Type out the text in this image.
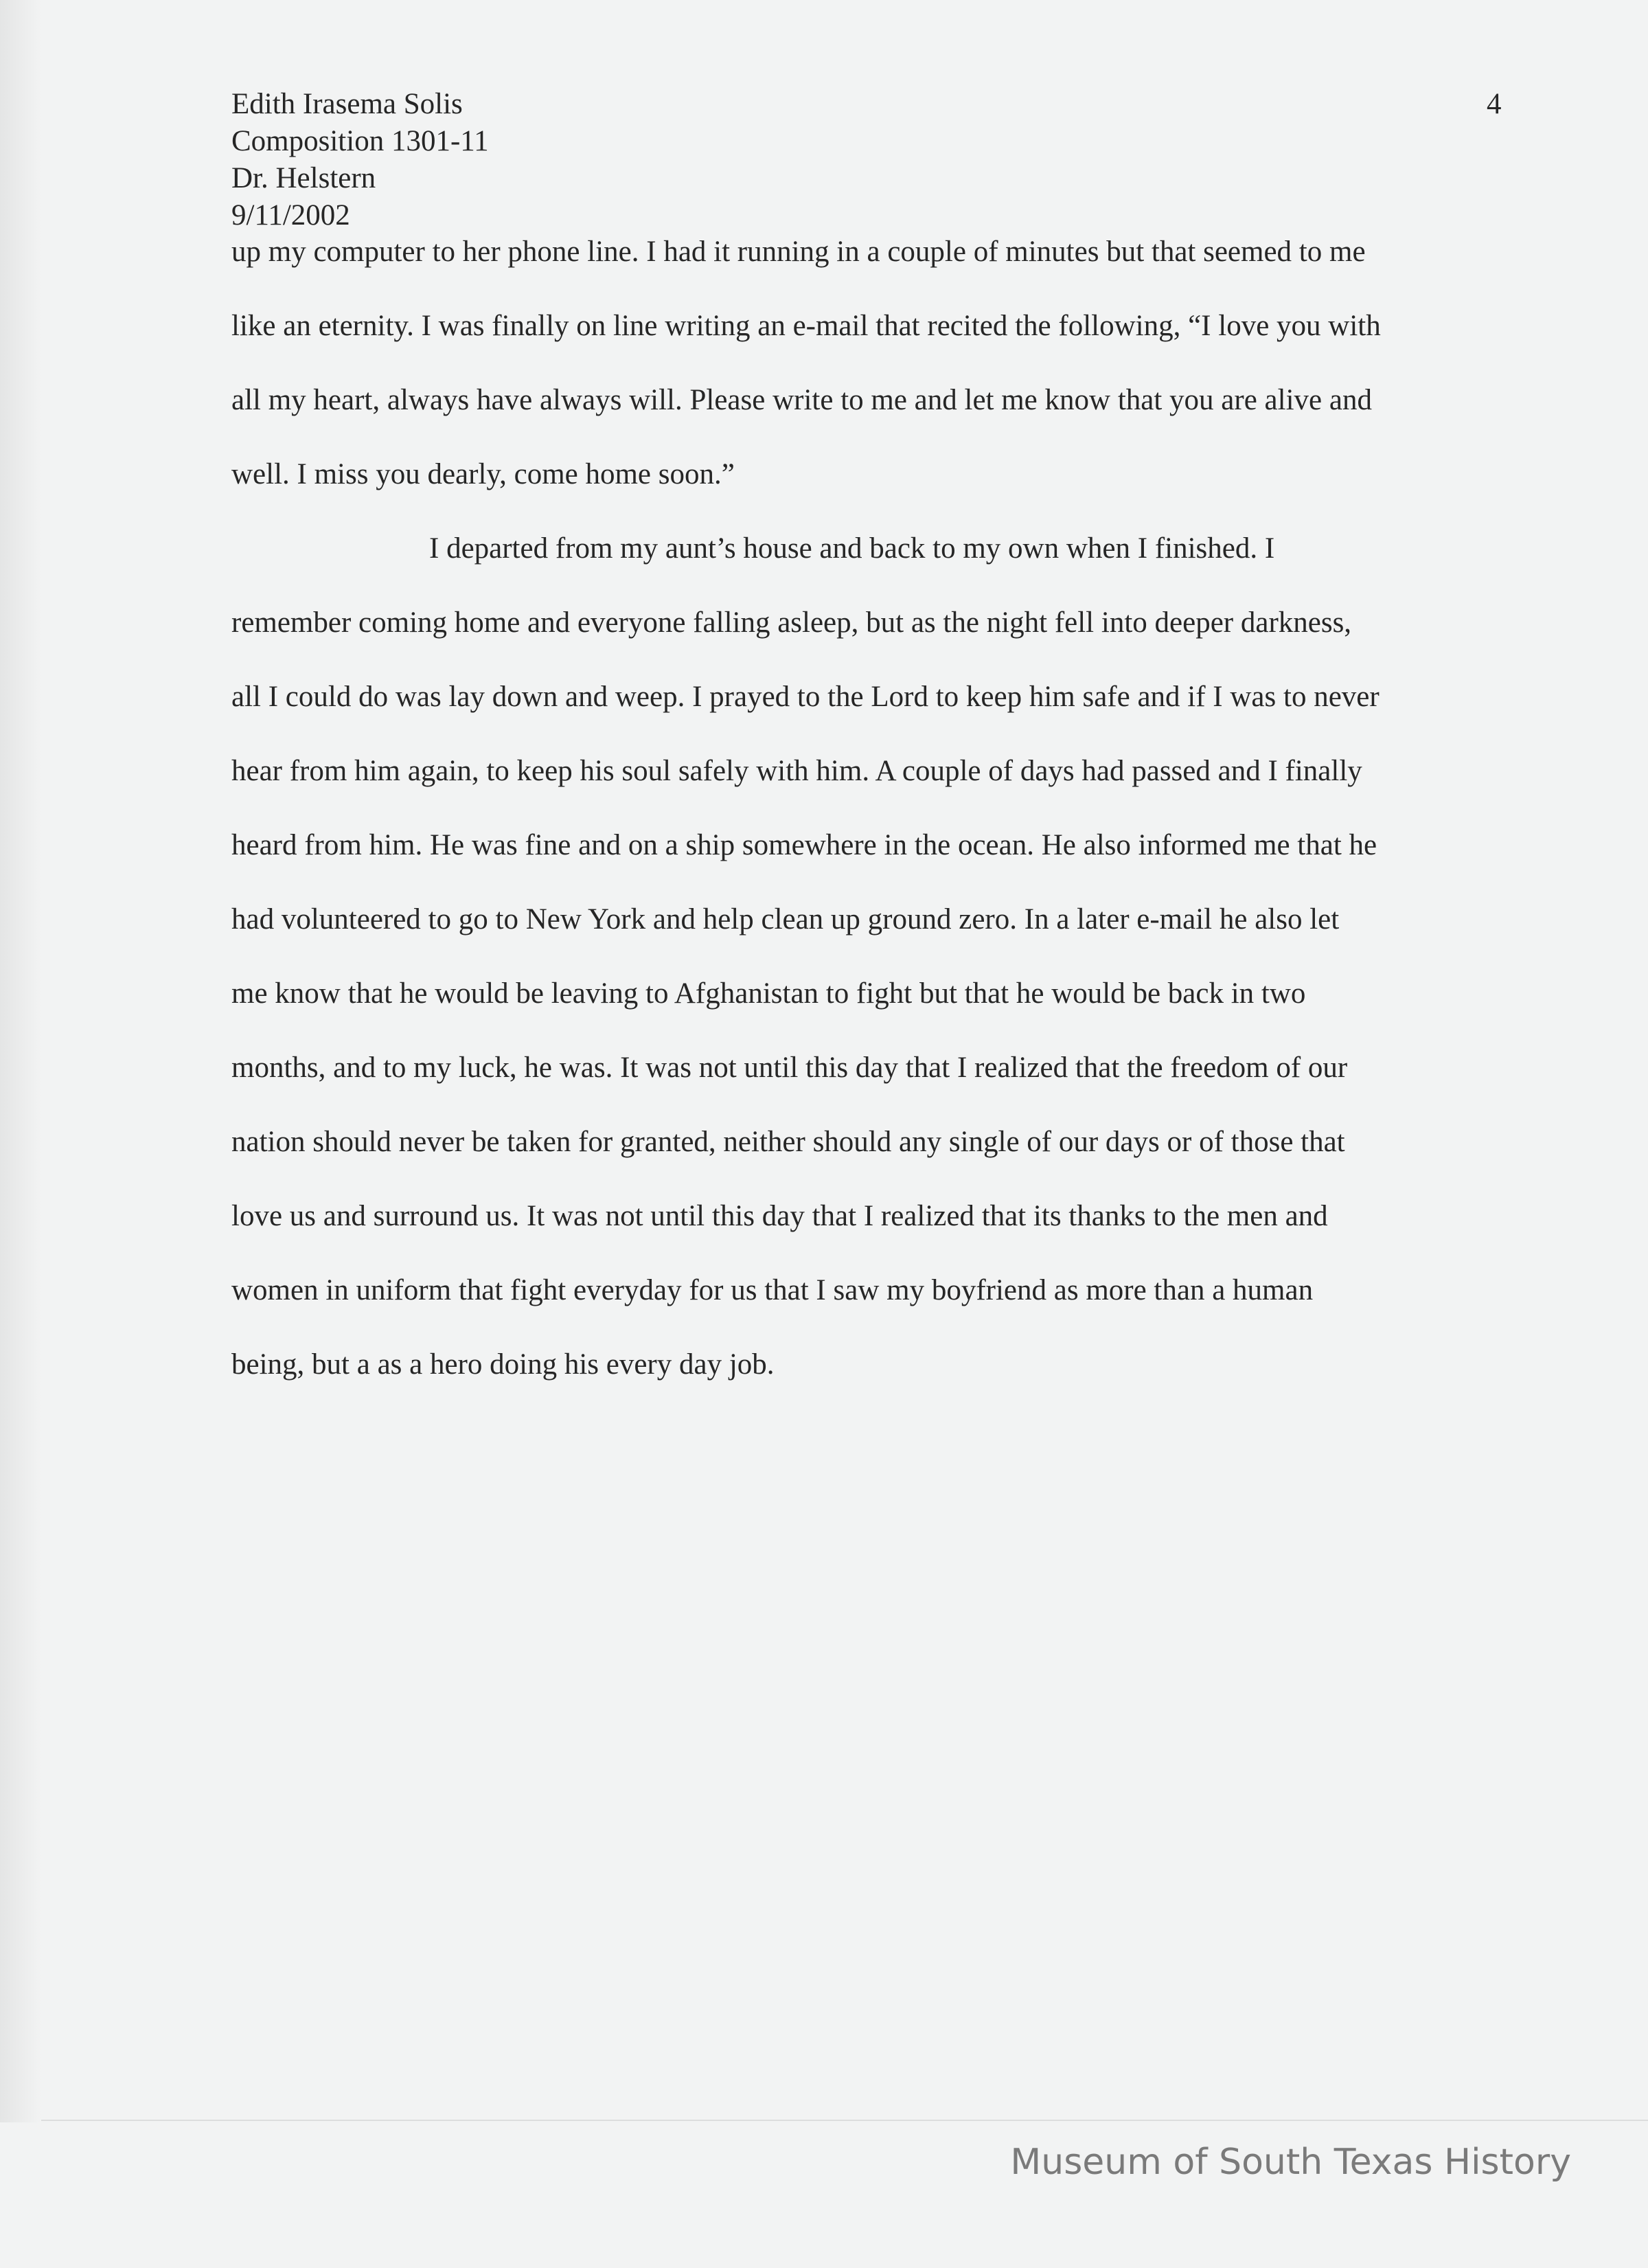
Edith Irasema Solis
Composition 1301-11
Dr. Helstern
9/11/2002
4
up my computer to her phone line. I had it running in a couple of minutes but that seemed to me
like an eternity. I was finally on line writing an e-mail that recited the following, “I love you with
all my heart, always have always will. Please write to me and let me know that you are alive and
well. I miss you dearly, come home soon.”
I departed from my aunt’s house and back to my own when I finished. I
remember coming home and everyone falling asleep, but as the night fell into deeper darkness,
all I could do was lay down and weep. I prayed to the Lord to keep him safe and if I was to never
hear from him again, to keep his soul safely with him. A couple of days had passed and I finally
heard from him. He was fine and on a ship somewhere in the ocean. He also informed me that he
had volunteered to go to New York and help clean up ground zero. In a later e-mail he also let
me know that he would be leaving to Afghanistan to fight but that he would be back in two
months, and to my luck, he was. It was not until this day that I realized that the freedom of our
nation should never be taken for granted, neither should any single of our days or of those that
love us and surround us. It was not until this day that I realized that its thanks to the men and
women in uniform that fight everyday for us that I saw my boyfriend as more than a human
being, but a as a hero doing his every day job.
Museum of South Texas History
